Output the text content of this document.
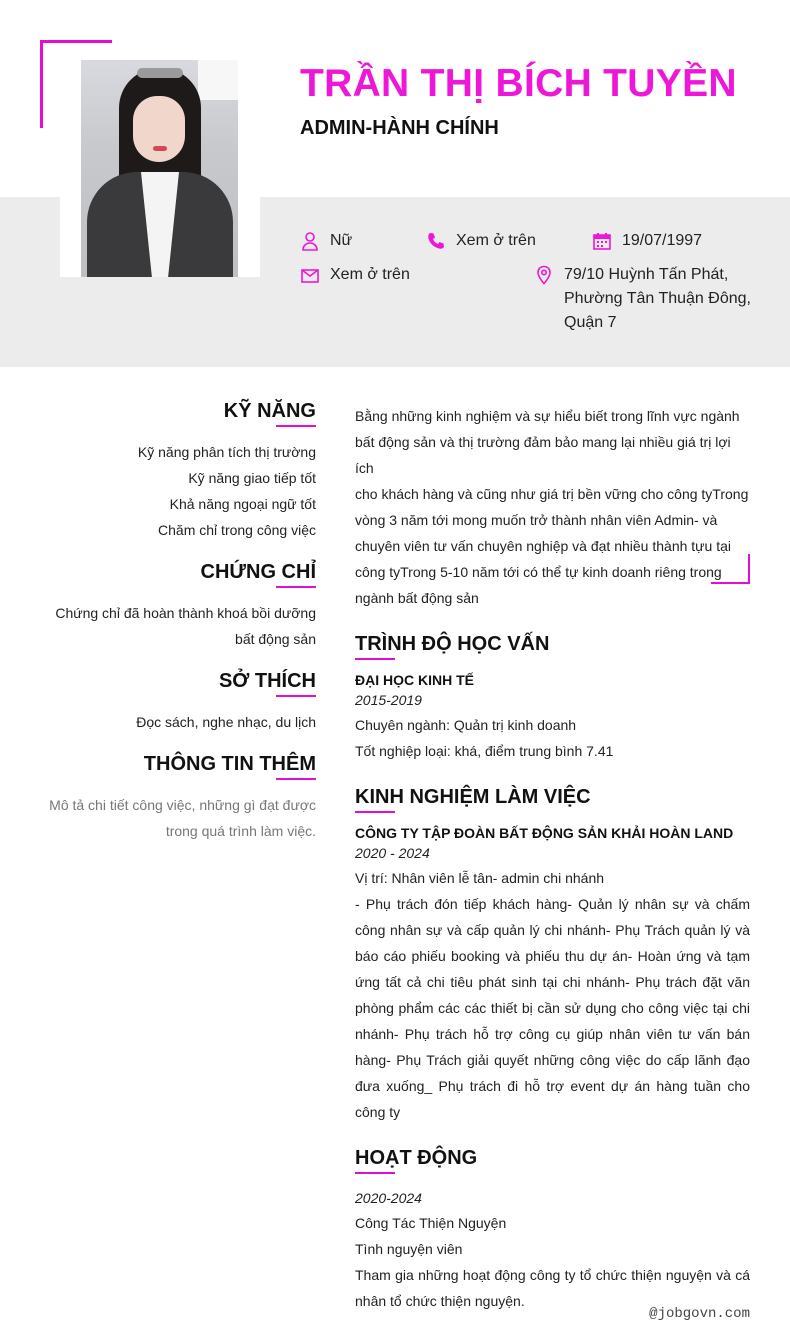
TRẦN THỊ BÍCH TUYỀN
ADMIN-HÀNH CHÍNH
Nữ	Xem ở trên	19/07/1997
Xem ở trên	79/10 Huỳnh Tấn Phát,
Phường Tân Thuận Đông,
Quận 7
KỸ NĂNG
Kỹ năng phân tích thị trường
Kỹ năng giao tiếp tốt
Khả năng ngoại ngữ tốt
Chăm chỉ trong công việc
CHỨNG CHỈ
Chứng chỉ đã hoàn thành khoá bồi dưỡng
bất động sản
SỞ THÍCH
Đọc sách, nghe nhạc, du lịch
THÔNG TIN THÊM
Mô tả chi tiết công việc, những gì đạt được
trong quá trình làm việc.
Bằng những kinh nghiệm và sự hiểu biết trong lĩnh vực ngành
bất động sản và thị trường đảm bảo mang lại nhiều giá trị lợi ích
cho khách hàng và cũng như giá trị bền vững cho công tyTrong
vòng 3 năm tới mong muốn trở thành nhân viên Admin- và
chuyên viên tư vấn chuyên nghiệp và đạt nhiều thành tựu tại
công tyTrong 5-10 năm tới có thể tự kinh doanh riêng trong
ngành bất động sản
TRÌNH ĐỘ HỌC VẤN
ĐẠI HỌC KINH TẾ
2015-2019
Chuyên ngành: Quản trị kinh doanh
Tốt nghiệp loại: khá, điểm trung bình 7.41
KINH NGHIỆM LÀM VIỆC
CÔNG TY TẬP ĐOÀN BẤT ĐỘNG SẢN KHẢI HOÀN LAND
2020 - 2024
Vị trí: Nhân viên lễ tân- admin chi nhánh
- Phụ trách đón tiếp khách hàng- Quản lý nhân sự và chấm công nhân sự và cấp quản lý chi nhánh- Phụ Trách quản lý và báo cáo phiếu booking và phiếu thu dự án- Hoàn ứng và tạm ứng tất cả chi tiêu phát sinh tại chi nhánh- Phụ trách đặt văn phòng phẩm các các thiết bị cần sử dụng cho công việc tại chi nhánh- Phụ trách hỗ trợ công cụ giúp nhân viên tư vấn bán hàng- Phụ Trách giải quyết những công việc do cấp lãnh đạo đưa xuống_ Phụ trách đi hỗ trợ event dự án hàng tuần cho công ty
HOẠT ĐỘNG
2020-2024
Công Tác Thiện Nguyện
Tình nguyện viên
Tham gia những hoạt động công ty tổ chức thiện nguyện và cá nhân tổ chức thiện nguyện.
@jobgovn.com
